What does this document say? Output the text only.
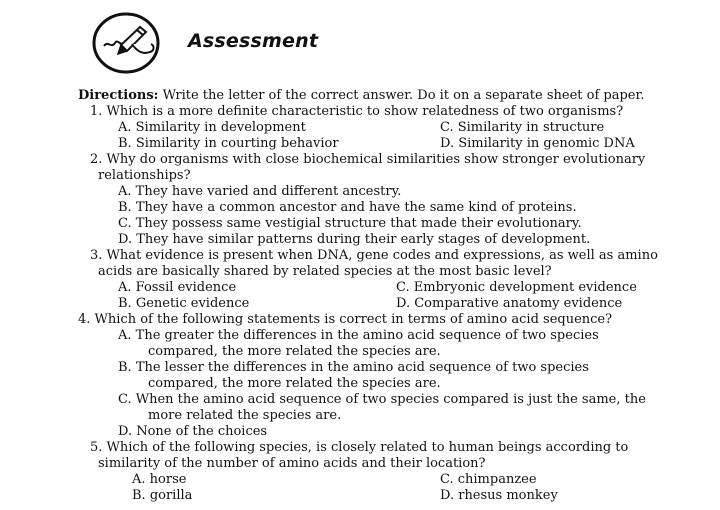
Assessment
Directions: Write the letter of the correct answer. Do it on a separate sheet of paper.
1. Which is a more definite characteristic to show relatedness of two organisms?
A. Similarity in development	C. Similarity in structure
B. Similarity in courting behavior	D. Similarity in genomic DNA
2. Why do organisms with close biochemical similarities show stronger evolutionary
relationships?
A. They have varied and different ancestry.
B. They have a common ancestor and have the same kind of proteins.
C. They possess same vestigial structure that made their evolutionary.
D. They have similar patterns during their early stages of development.
3. What evidence is present when DNA, gene codes and expressions, as well as amino
acids are basically shared by related species at the most basic level?
A. Fossil evidence	C. Embryonic development evidence
B. Genetic evidence	D. Comparative anatomy evidence
4. Which of the following statements is correct in terms of amino acid sequence?
A. The greater the differences in the amino acid sequence of two species
compared, the more related the species are.
B. The lesser the differences in the amino acid sequence of two species
compared, the more related the species are.
C. When the amino acid sequence of two species compared is just the same, the
more related the species are.
D. None of the choices
5. Which of the following species, is closely related to human beings according to
similarity of the number of amino acids and their location?
A. horse	C. chimpanzee
B. gorilla	D. rhesus monkey
